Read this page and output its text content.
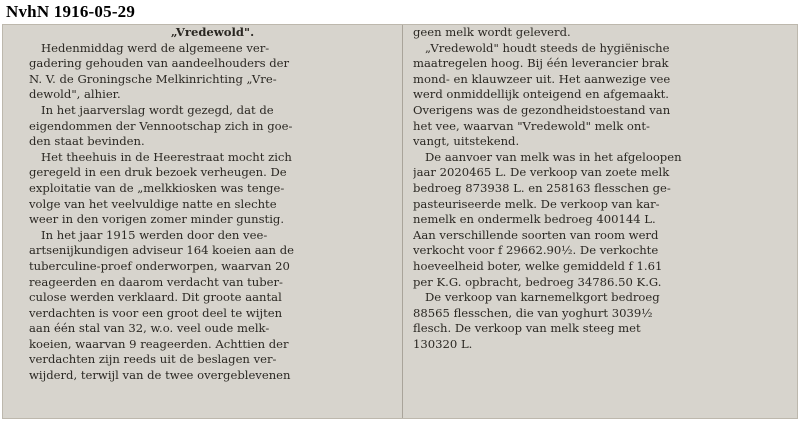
NvhN 1916-05-29
„Vredewold".
Hedenmiddag werd de algemeene ver-
gadering gehouden van aandeelhouders der
N. V. de Groningsche Melkinrichting „Vre-
dewold", alhier.
In het jaarverslag wordt gezegd, dat de
eigendommen der Vennootschap zich in goe-
den staat bevinden.
Het theehuis in de Heerestraat mocht zich
geregeld in een druk bezoek verheugen. De
exploitatie van de „melkkiosken was tenge-
volge van het veelvuldige natte en slechte
weer in den vorigen zomer minder gunstig.
In het jaar 1915 werden door den vee-
artsenijkundigen adviseur 164 koeien aan de
tuberculine-proef onderworpen, waarvan 20
reageerden en daarom verdacht van tuber-
culose werden verklaard. Dit groote aantal
verdachten is voor een groot deel te wijten
aan één stal van 32, w.o. veel oude melk-
koeien, waarvan 9 reageerden. Achttien der
verdachten zijn reeds uit de beslagen ver-
wijderd, terwijl van de twee overgeblevenen
geen melk wordt geleverd.
„Vredewold" houdt steeds de hygiënische
maatregelen hoog. Bij één leverancier brak
mond- en klauwzeer uit. Het aanwezige vee
werd onmiddellijk onteigend en afgemaakt.
Overigens was de gezondheidstoestand van
het vee, waarvan "Vredewold" melk ont-
vangt, uitstekend.
De aanvoer van melk was in het afgeloopen
jaar 2020465 L. De verkoop van zoete melk
bedroeg 873938 L. en 258163 flesschen ge-
pasteuriseerde melk. De verkoop van kar-
nemelk en ondermelk bedroeg 400144 L.
Aan verschillende soorten van room werd
verkocht voor f 29662.90½. De verkochte
hoeveelheid boter, welke gemiddeld f 1.61
per K.G. opbracht, bedroeg 34786.50 K.G.
De verkoop van karnemelkgort bedroeg
88565 flesschen, die van yoghurt 3039½
flesch. De verkoop van melk steeg met
130320 L.
